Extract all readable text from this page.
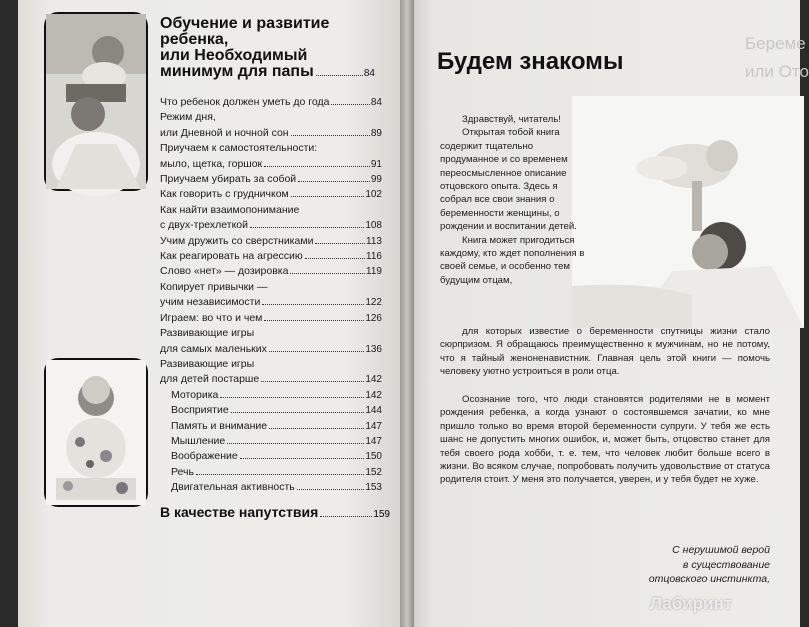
Обучение и развитие
ребенка,
или Необходимый
минимум для папы	84
Что ребенок должен уметь до года	84
Режим дня,
или Дневной и ночной сон	89
Приучаем к самостоятельности:
мыло, щетка, горшок	91
Приучаем убирать за собой	99
Как говорить с грудничком	102
Как найти взаимопонимание
с двух-трехлеткой	108
Учим дружить со сверстниками	113
Как реагировать на агрессию	116
Слово «нет» — дозировка	119
Копирует привычки —
учим независимости	122
Играем: во что и чем	126
Развивающие игры
для самых маленьких	136
Развивающие игры
для детей постарше	142
Моторика	142
Восприятие	144
Память и внимание	147
Мышление	147
Воображение	150
Речь	152
Двигательная активность	153
В качестве напутствия	159
Береме
или Ото
Будем знакомы

Здравствуй, читатель!

Открытая тобой книга содержит тщательно продуманное и со временем переосмысленное описание отцовского опыта. Здесь я собрал все свои знания о беременности женщины, о рождении и воспитании детей.

Книга может пригодиться каждому, кто ждет пополнения в своей семье, и особенно тем будущим отцам,

для которых известие о беременности спутницы жизни стало сюрпризом. Я обращаюсь преимущественно к мужчинам, но не потому, что я тайный женоненавистник. Главная цель этой книги — помочь человеку уютно устроиться в роли отца.

Осознание того, что люди становятся родителями не в момент рождения ребенка, а когда узнают о состоявшемся зачатии, ко мне пришло только во время второй беременности супруги. У тебя же есть шанс не допустить многих ошибок, и, может быть, отцовство станет для тебя своего рода хобби, т. е. тем, что человек любит больше всего в жизни. Во всяком случае, попробовать получить удовольствие от статуса родителя стоит. У меня это получается, уверен, и у тебя будет не хуже.

С нерушимой верой
в существование
отцовского инстинкта,
Лабиринт
